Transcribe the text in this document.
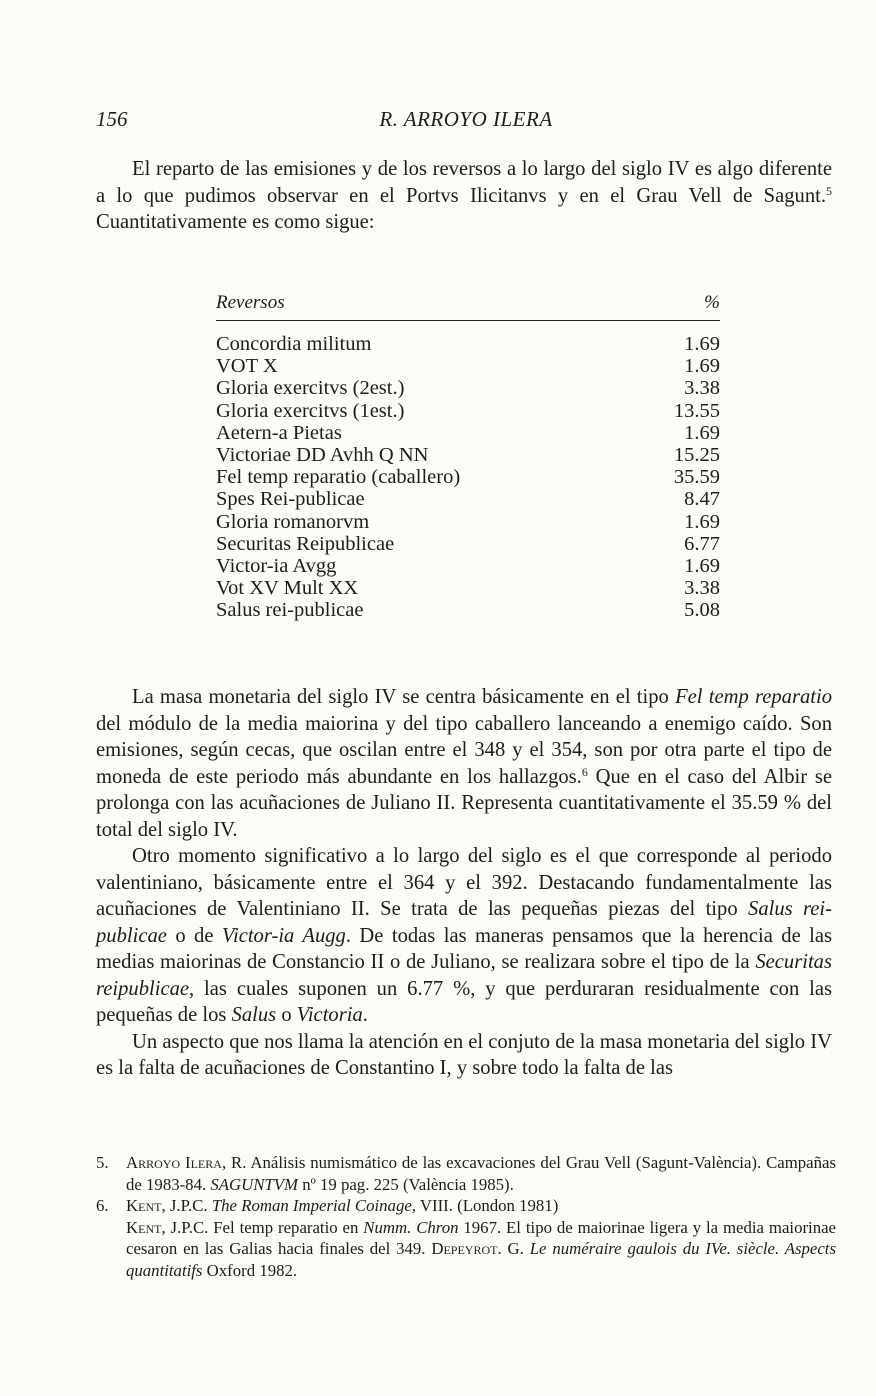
156	R. ARROYO ILERA

El reparto de las emisiones y de los reversos a lo largo del siglo IV es algo diferente a lo que pudimos observar en el Portvs Ilicitanvs y en el Grau Vell de Sagunt.$^5$ Cuantitativamente es como sigue:

Reversos	%
Concordia militum	1.69
VOT X	1.69
Gloria exercitvs (2est.)	3.38
Gloria exercitvs (1est.)	13.55
Aetern-a Pietas	1.69
Victoriae DD Avhh Q NN	15.25
Fel temp reparatio (caballero)	35.59
Spes Rei-publicae	8.47
Gloria romanorvm	1.69
Securitas Reipublicae	6.77
Victor-ia Avgg	1.69
Vot XV Mult XX	3.38
Salus rei-publicae	5.08

La masa monetaria del siglo IV se centra básicamente en el tipo Fel temp reparatio del módulo de la media maiorina y del tipo caballero lanceando a enemigo caído. Son emisiones, según cecas, que oscilan entre el 348 y el 354, son por otra parte el tipo de moneda de este periodo más abundante en los hallazgos.$^6$ Que en el caso del Albir se prolonga con las acuñaciones de Juliano II. Representa cuantitativamente el 35.59 % del total del siglo IV.

Otro momento significativo a lo largo del siglo es el que corresponde al periodo valentiniano, básicamente entre el 364 y el 392. Destacando fundamentalmente las acuñaciones de Valentiniano II. Se trata de las pequeñas piezas del tipo Salus rei-publicae o de Victor-ia Augg. De todas las maneras pensamos que la herencia de las medias maiorinas de Constancio II o de Juliano, se realizara sobre el tipo de la Securitas reipublicae, las cuales suponen un 6.77 %, y que perduraran residualmente con las pequeñas de los Salus o Victoria.

Un aspecto que nos llama la atención en el conjuto de la masa monetaria del siglo IV es la falta de acuñaciones de Constantino I, y sobre todo la falta de las

5. Arroyo Ilera, R. Análisis numismático de las excavaciones del Grau Vell (Sagunt-València). Campañas de 1983-84. SAGUNTVM nº 19 pag. 225 (València 1985).

6. Kent, J.P.C. The Roman Imperial Coinage, VIII. (London 1981)
Kent, J.P.C. Fel temp reparatio en Numm. Chron 1967. El tipo de maiorinae ligera y la media maiorinae cesaron en las Galias hacia finales del 349. Depeyrot. G. Le numéraire gaulois du IVe. siècle. Aspects quantitatifs Oxford 1982.
